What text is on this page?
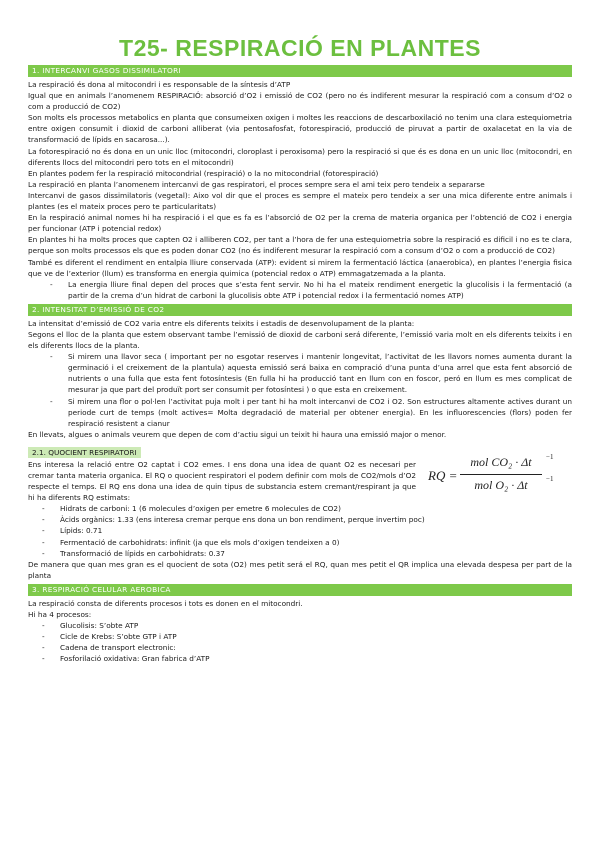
T25- RESPIRACIÓ EN PLANTES
1. INTERCANVI GASOS DISSIMILATORI

La respiració és dona al mitocondri i es responsable de la síntesis d’ATP

Igual que en animals l’anomenem RESPIRACIÓ: absorció d’O2 i emissió de CO2 (pero no és indiferent mesurar la respiració com a consum d’O2 o com a producció de CO2)

Son molts els processos metabolics en planta que consumeixen oxigen i moltes les reaccions de descarboxilació no tenim una clara estequiometria entre oxigen consumit i dioxid de carboni alliberat (via pentosafosfat, fotorespiració, producció de piruvat a partir de oxalacetat en la via de transformació de lípids en sacarosa...).

La fotorespiració no és dona en un unic lloc (mitocondri, cloroplast i peroxisoma) pero la respiració si que és es dona en un unic lloc (mitocondri, en diferents llocs del mitocondri pero tots en el mitocondri)

En plantes podem fer la respiració mitocondrial (respiració) o la no mitocondrial (fotorespiració)

La respiració en planta l’anomenem intercanvi de gas respiratori, el proces sempre sera el ami teix pero tendeix a separarse

Intercanvi de gasos dissimilatoris (vegetal): Aixo vol dir que el proces es sempre el mateix pero tendeix a ser una mica diferente entre animals i plantes (es el mateix proces pero te particularitats)

En la respiració animal nomes hi ha respiració i el que es fa es l’absorció de O2 per la crema de materia organica per l’obtenció de CO2 i energia per funcionar (ATP i potencial redox)

En plantes hi ha molts proces que capten O2 i alliberen CO2, per tant a l’hora de fer una estequiometria sobre la respiració es dificil i no es te clara, perque son molts processos els que es poden donar CO2 (no és indiferent mesurar la respiració com a consum d’O2 o com a producció de CO2)

També es diferent el rendiment en entalpia lliure conservada (ATP): evident si mirem la fermentació láctica (anaerobica), en plantes l’energia fisica que ve de l’exterior (llum) es transforma en energia quimica (potencial redox o ATP) emmagatzemada a la planta.

- La energia lliure final depen del proces que s’esta fent servir. No hi ha el mateix rendiment energetic la glucolisis i la fermentació (a partir de la crema d’un hidrat de carboni la glucolisis obte ATP i potencial redox i la fermentació nomes ATP)
2. INTENSITAT D’EMISSIÓ DE CO2

La intensitat d’emissió de CO2 varia entre els diferents teixits i estadis de desenvolupament de la planta:

Segons el lloc de la planta que estem observant tambe l’emissió de dioxid de carboni será diferente, l’emissió varia molt en els diferents teixits i en els diferents llocs de la planta.

- Si mirem una llavor seca ( important per no esgotar reserves i mantenir longevitat, l’activitat de les llavors nomes aumenta durant la germinació i el creixement de la plantula) aquesta emissió será baixa en compració d’una punta d’una arrel que esta fent absorció de nutrients o una fulla que esta fent fotosíntesis (En fulla hi ha producció tant en llum con en foscor, peró en llum es mes complicat de mesurar ja que part del produït port ser consumit per fotosíntesi ) o que esta en creixement.
- Si mirem una flor o pol·len l’activitat puja molt i per tant hi ha molt intercanvi de CO2 i O2. Son estructures altamente actives durant un periode curt de temps (molt actives= Molta degradació de material per obtener energia). En les influorescencies (flors) poden fer respiració resistent a cianur

En llevats, algues o animals veurem que depen de com d’actiu sigui un teixit hi haura una emissió major o menor.

2.1. QUOCIENT RESPIRATORI

Ens interesa la relació entre O2 captat i CO2 emes. I ens dona una idea de quant O2 es necesari per cremar tanta materia organica. El RQ o quocient respiratori el podem definir com mols de CO2/mols d’O2 respecte el temps. El RQ ens dona una idea de quin tipus de substancia estem cremant/respirant ja que hi ha diferents RQ estimats:

RQ =
mol CO₂ · Δt
mol O₂ · Δt
−1
−1
- Hidrats de carboni: 1 (6 molecules d’oxigen per emetre 6 molecules de CO2)
- Àcids orgànics: 1.33 (ens interesa cremar perque ens dona un bon rendiment, perque invertim poc)
- Lípids: 0.71
- Fermentació de carbohidrats: infinit (ja que els mols d’oxigen tendeixen a 0)
- Transformació de lípids en carbohidrats: 0.37

De manera que quan mes gran es el quocient de sota (O2) mes petit será el RQ, quan mes petit el QR implica una elevada despesa per part de la planta

3. RESPIRACIÓ CELULAR AEROBICA

La respiració consta de diferents procesos i tots es donen en el mitocondri.

Hi ha 4 procesos:

- Glucolisis: S’obte ATP
- Cicle de Krebs: S’obte GTP i ATP
- Cadena de transport electronic:
- Fosforilació oxidativa: Gran fabrica d’ATP
